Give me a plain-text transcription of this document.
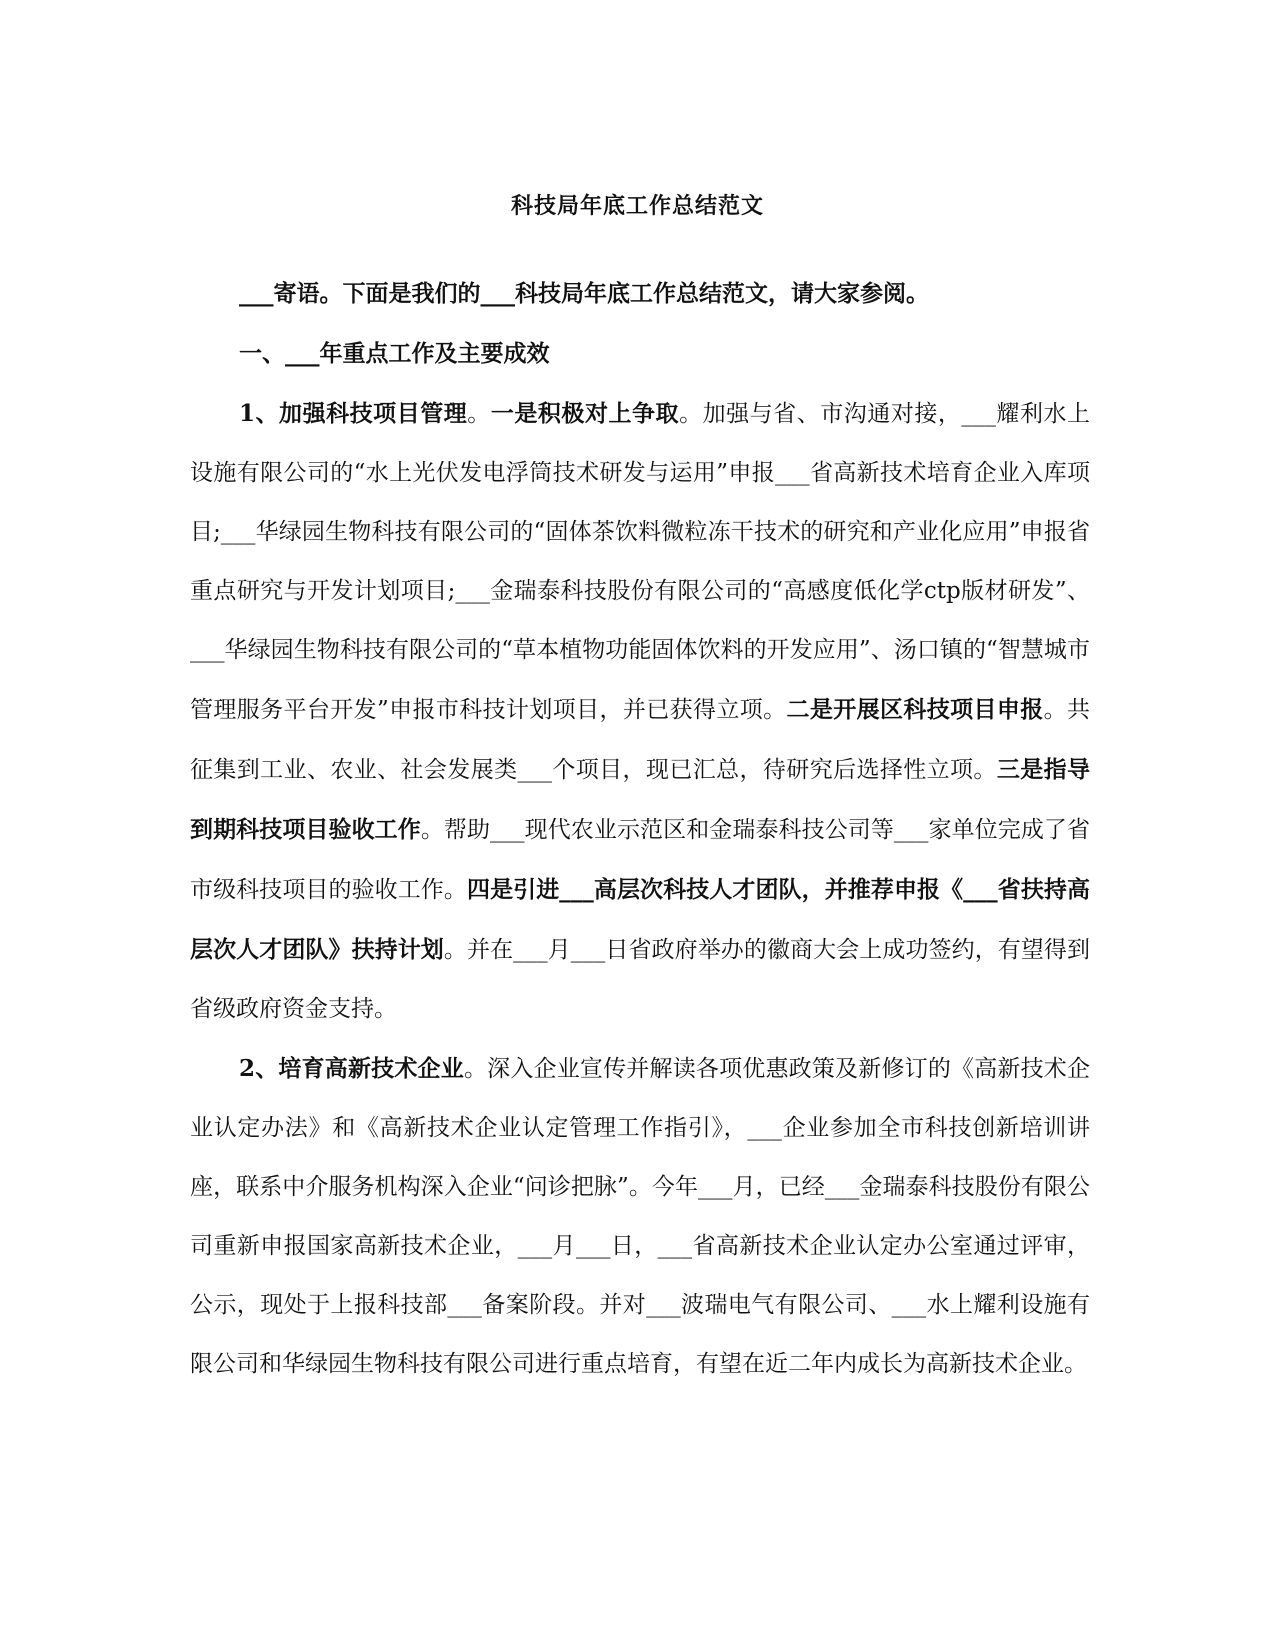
科技局年底工作总结范文

___寄语。下面是我们的___科技局年底工作总结范文，请大家参阅。

一、___年重点工作及主要成效

1、加强科技项目管理。一是积极对上争取。加强与省、市沟通对接，___耀利水上设施有限公司的“水上光伏发电浮筒技术研发与运用”申报___省高新技术培育企业入库项目;___华绿园生物科技有限公司的“固体茶饮料微粒冻干技术的研究和产业化应用”申报省重点研究与开发计划项目;___金瑞泰科技股份有限公司的“高感度低化学ctp版材研发”、___华绿园生物科技有限公司的“草本植物功能固体饮料的开发应用”、汤口镇的“智慧城市管理服务平台开发”申报市科技计划项目，并已获得立项。二是开展区科技项目申报。共征集到工业、农业、社会发展类___个项目，现已汇总，待研究后选择性立项。三是指导到期科技项目验收工作。帮助___现代农业示范区和金瑞泰科技公司等___家单位完成了省市级科技项目的验收工作。四是引进___高层次科技人才团队，并推荐申报《___省扶持高层次人才团队》扶持计划。并在___月___日省政府举办的徽商大会上成功签约，有望得到省级政府资金支持。

2、培育高新技术企业。深入企业宣传并解读各项优惠政策及新修订的《高新技术企业认定办法》和《高新技术企业认定管理工作指引》，___企业参加全市科技创新培训讲座，联系中介服务机构深入企业“问诊把脉”。今年___月，已经___金瑞泰科技股份有限公司重新申报国家高新技术企业，___月___日，___省高新技术企业认定办公室通过评审，公示，现处于上报科技部___备案阶段。并对___波瑞电气有限公司、___水上耀利设施有限公司和华绿园生物科技有限公司进行重点培育，有望在近二年内成长为高新技术企业。
